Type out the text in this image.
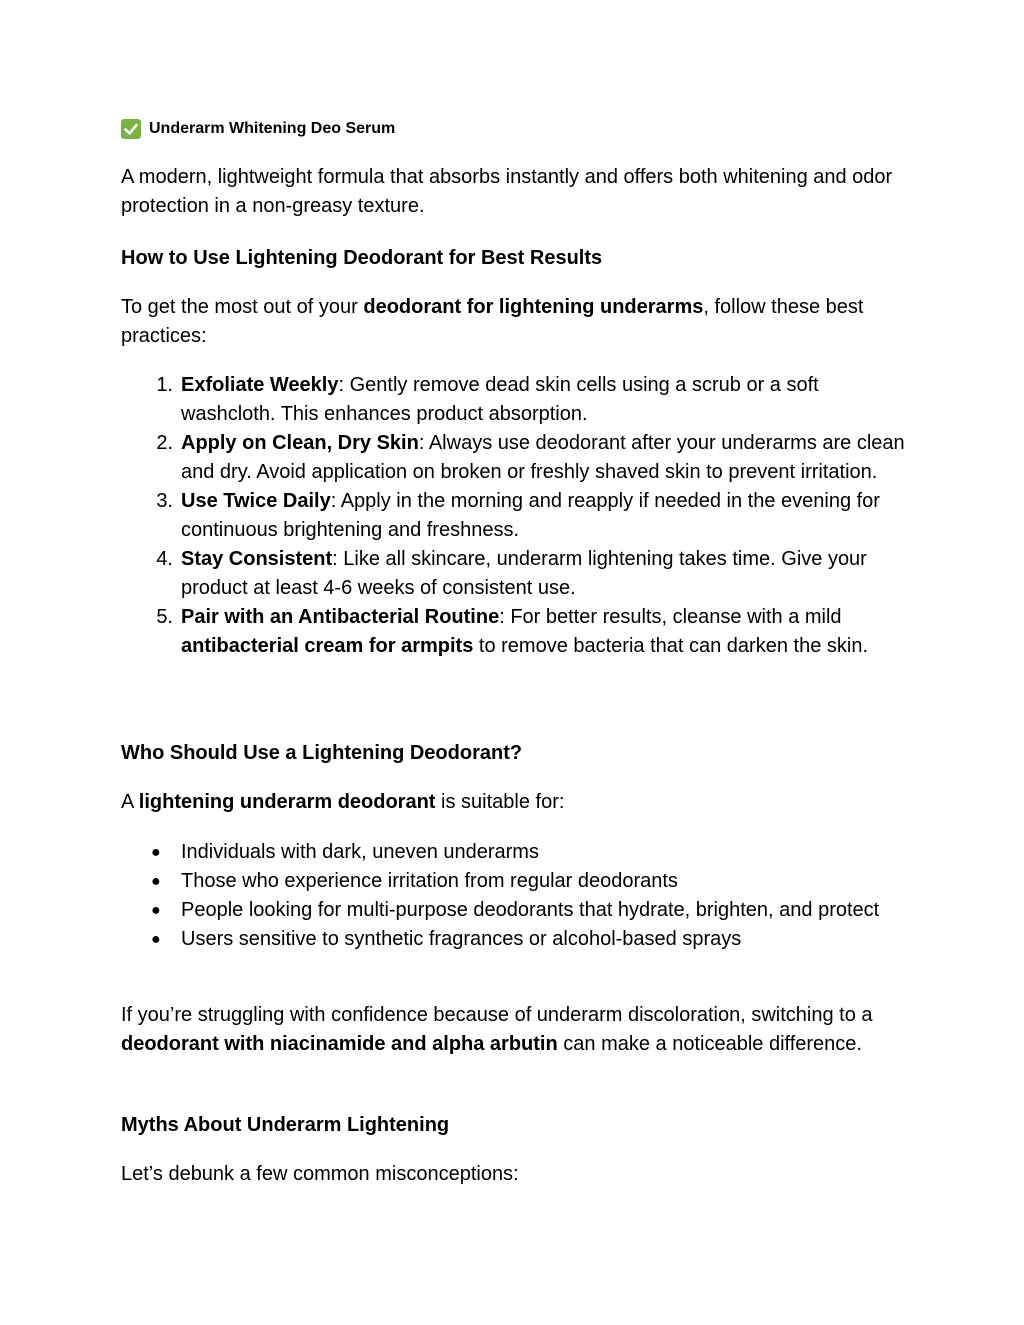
Underarm Whitening Deo Serum

A modern, lightweight formula that absorbs instantly and offers both whitening and odor protection in a non-greasy texture.

How to Use Lightening Deodorant for Best Results

To get the most out of your deodorant for lightening underarms, follow these best practices:

1. Exfoliate Weekly: Gently remove dead skin cells using a scrub or a soft washcloth. This enhances product absorption.
2. Apply on Clean, Dry Skin: Always use deodorant after your underarms are clean and dry. Avoid application on broken or freshly shaved skin to prevent irritation.
3. Use Twice Daily: Apply in the morning and reapply if needed in the evening for continuous brightening and freshness.
4. Stay Consistent: Like all skincare, underarm lightening takes time. Give your product at least 4-6 weeks of consistent use.
5. Pair with an Antibacterial Routine: For better results, cleanse with a mild antibacterial cream for armpits to remove bacteria that can darken the skin.
Who Should Use a Lightening Deodorant?

A lightening underarm deodorant is suitable for:

● Individuals with dark, uneven underarms
● Those who experience irritation from regular deodorants
● People looking for multi-purpose deodorants that hydrate, brighten, and protect
● Users sensitive to synthetic fragrances or alcohol-based sprays

If you’re struggling with confidence because of underarm discoloration, switching to a deodorant with niacinamide and alpha arbutin can make a noticeable difference.

Myths About Underarm Lightening

Let’s debunk a few common misconceptions:
